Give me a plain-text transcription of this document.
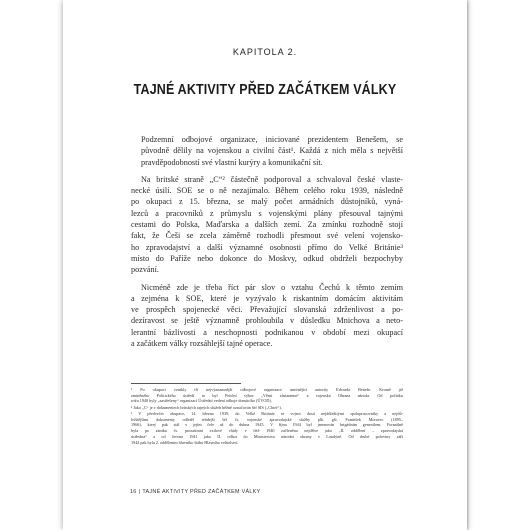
KAPITOLA 2.
TAJNÉ AKTIVITY PŘED ZAČÁTKEM VÁLKY

Podzemní odbojové organizace, iniciované prezidentem Benešem, se
původně dělily na vojenskou a civilní část¹. Každá z nich měla s největší
pravděpodobností své vlastní kurýry a komunikační sít.

Na britské straně „C“² částečně podporoval a schvaloval české vlaste-
necké úsilí. SOE se o ně nezajímalo. Během celého roku 1939, následně
po okupaci z 15. března, se malý počet armádních důstojníků, vyná-
lezců a pracovníků z průmyslu s vojenskými plány přesouval tajnými
cestami do Polska, Maďarska a dalších zemí. Za zmínku rozhodně stojí
fakt, že Češi se zcela záměrně rozhodli přesmout své velení vojensko-
ho zpravodajství a další významné osobnosti přímo do Velké Británie³
místo do Paříže nebo dokonce do Moskvy, odkud obdrželi bezpochyby
pozvání.

Nicméně zde je třeba říct pár slov o vztahu Čechů k těmto zemím
a zejména k SOE, které je vyzývalo k riskantním domácím aktivitám
ve prospěch spojenecké věci. Převažující slovanská zdrženlivost a po-
dezíravost se ještě významně prohloubila v důsledku Mnichova a neto-
lerantní bázlivosti a neschopnosti podnikanou v období mezi okupací
a začátkem války rozsáhlejší tajné operace.

¹ Po okupaci vznikly tři nejvýznamnější odbojové organizace umírnějící autority Edvarda Beneše. Kromě již
zmíněného Politického ústředí to byl Petiční výbor „Věrni zůstaneme“ a vojenská Obrana národa. Od počátku
roku 1940 byly „zastřešeny“ organizací Ústřední vedení odboje domácího (ÚVOD).
² Jako „C“ je v dokumentech britských tajných služeb běžně označován šéf SIS („Chief“).
³ V předvečer okupace, 14. března 1939, do Velké Británie se svými dosti nejdůležitými spolupracovníky a nejdů-
ležitějšími dokumenty odletěl tehdejší šéf čs. vojenské zpravodajské služby plk. gšt. František Moravec (1895–
1966), který pak stál v jejím čele až do dubna 1945. V říjnu 1944 byl jmenován brigádním generálem. Formálně
byla po zániku čs. prozatímní exilové vlády v létě 1940 začleněna nejdříve jako „II. oddělení – zpravodajská
ústředna“ a od června 1941 jako II. odbor do Ministerstva národní obrany v Londýně. Od druhé poloviny září
1944 pak byla 2. oddělením hlavního štábu Hlavního velitelství.
16 | TAJNÉ AKTIVITY PŘED ZAČÁTKEM VÁLKY
